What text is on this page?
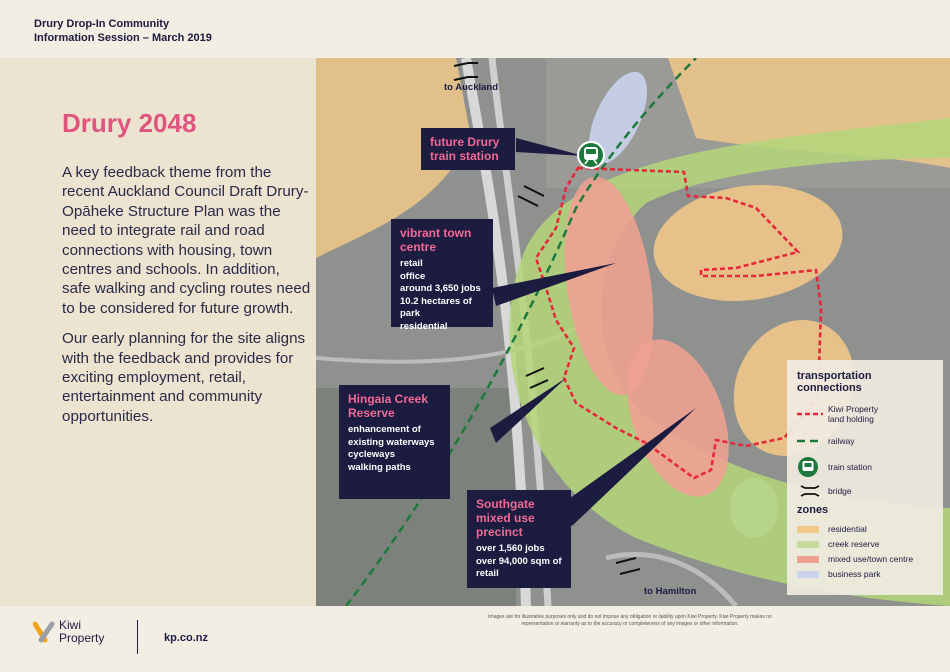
Drury Drop-In Community
Information Session – March 2019
Drury 2048

A key feedback theme from the recent Auckland Council Draft Drury-Opāheke Structure Plan was the need to integrate rail and road connections with housing, town centres and schools. In addition, safe walking and cycling routes need to be considered for future growth.

Our early planning for the site aligns with the feedback and provides for exciting employment, retail, entertainment and community opportunities.

to Auckland
to Hamilton
future Drury train station
vibrant town centre
retail
office
around 3,650 jobs
10.2 hectares of park
residential
Hingaia Creek Reserve
enhancement of existing waterways
cycleways
walking paths
Southgate mixed use precinct
over 1,560 jobs
over 94,000 sqm of retail
transportation connections
Kiwi Property land holding
railway
train station
bridge
zones
residential
creek reserve
mixed use/town centre
business park
Kiwi
Property	kp.co.nz
Images are for illustrative purposes only and do not impose any obligation or liability upon Kiwi Property. Kiwi Property makes no representation or warranty as to the accuracy or completeness of any images or other information.
